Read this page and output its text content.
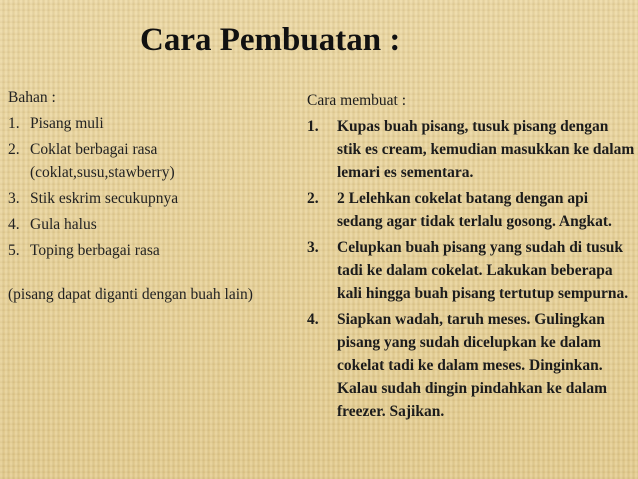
Cara Pembuatan :
Bahan :
1. Pisang muli
2. Coklat berbagai rasa (coklat,susu,stawberry)
3. Stik eskrim secukupnya
4. Gula halus
5. Toping berbagai rasa
(pisang dapat diganti dengan buah lain)
Cara membuat :
1. Kupas buah pisang, tusuk pisang dengan stik es cream, kemudian masukkan ke dalam lemari es sementara.
2. 2 Lelehkan cokelat batang dengan api sedang agar tidak terlalu gosong. Angkat.
3. Celupkan buah pisang yang sudah di tusuk tadi ke dalam cokelat. Lakukan beberapa kali hingga buah pisang tertutup sempurna.
4. Siapkan wadah, taruh meses. Gulingkan pisang yang sudah dicelupkan ke dalam cokelat tadi ke dalam meses. Dinginkan. Kalau sudah dingin pindahkan ke dalam freezer. Sajikan.
